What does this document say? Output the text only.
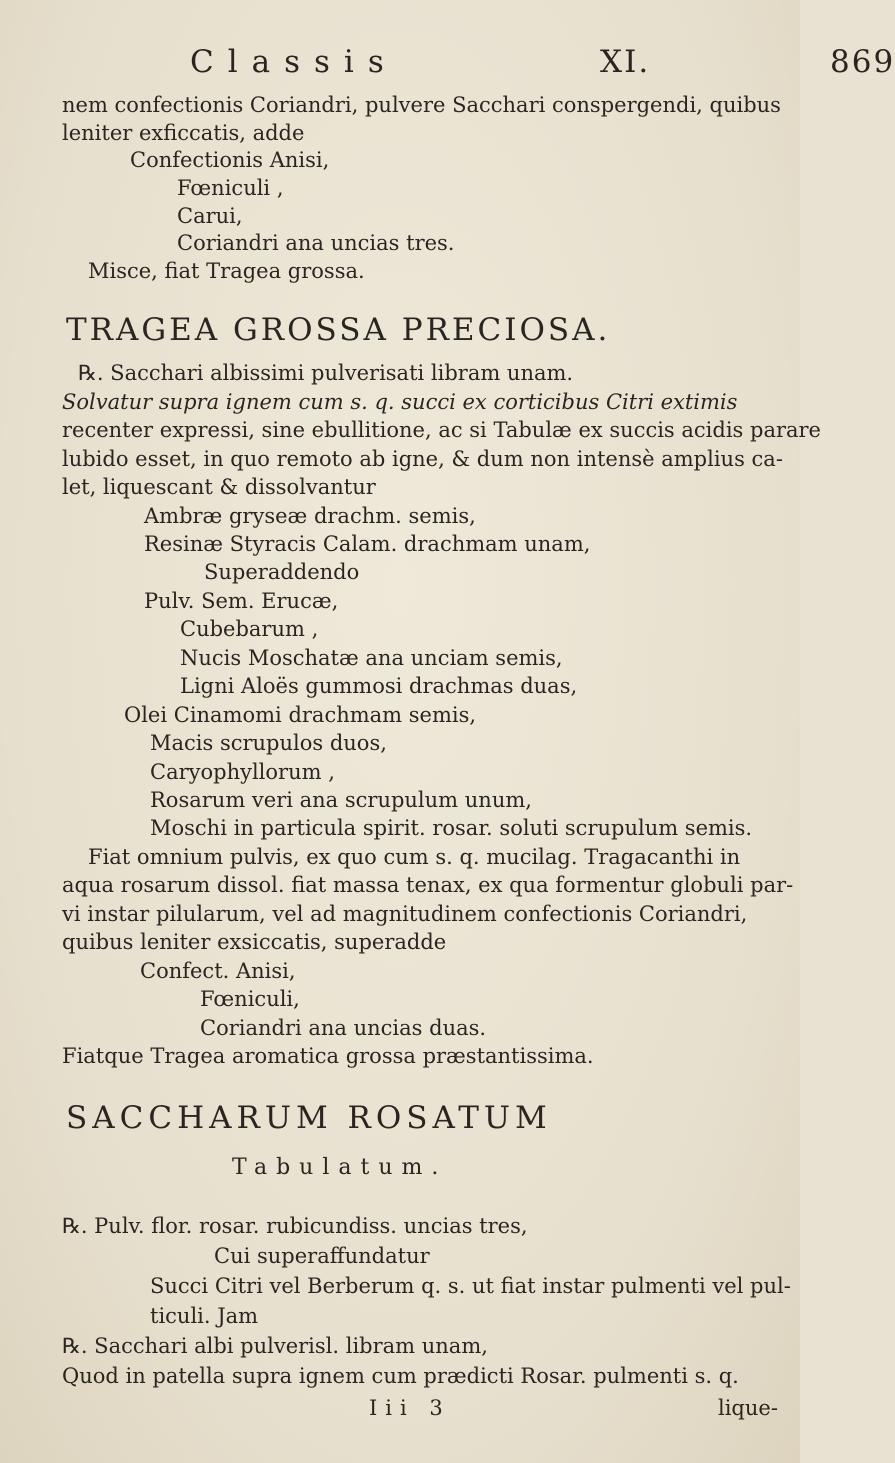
Classis	XI.	869
nem confectionis Coriandri, pulvere Sacchari conspergendi, quibus
leniter exficcatis, adde
Confectionis Anisi,
Fœniculi ,
Carui,
Coriandri ana uncias tres.
Misce, fiat Tragea grossa.
TRAGEA GROSSA PRECIOSA.
℞. Sacchari albissimi pulverisati libram unam.
Solvatur supra ignem cum s. q. succi ex corticibus Citri extimis
recenter expressi, sine ebullitione, ac si Tabulæ ex succis acidis parare
lubido esset, in quo remoto ab igne, & dum non intensè amplius ca-
let, liquescant & dissolvantur
Ambræ gryseæ drachm. semis,
Resinæ Styracis Calam. drachmam unam,
Superaddendo
Pulv. Sem. Erucæ,
Cubebarum ,
Nucis Moschatæ ana unciam semis,
Ligni Aloës gummosi drachmas duas,
Olei Cinamomi drachmam semis,
Macis scrupulos duos,
Caryophyllorum ,
Rosarum veri ana scrupulum unum,
Moschi in particula spirit. rosar. soluti scrupulum semis.
Fiat omnium pulvis, ex quo cum s. q. mucilag. Tragacanthi in
aqua rosarum dissol. fiat massa tenax, ex qua formentur globuli par-
vi instar pilularum, vel ad magnitudinem confectionis Coriandri,
quibus leniter exsiccatis, superadde
Confect. Anisi,
Fœniculi,
Coriandri ana uncias duas.
Fiatque Tragea aromatica grossa præstantissima.
SACCHARUM ROSATUM
Tabulatum.
℞. Pulv. flor. rosar. rubicundiss. uncias tres,
Cui superaffundatur
Succi Citri vel Berberum q. s. ut fiat instar pulmenti vel pul-
ticuli. Jam
℞. Sacchari albi pulverisl. libram unam,
Quod in patella supra ignem cum prædicti Rosar. pulmenti s. q.
Iii 3	lique-
